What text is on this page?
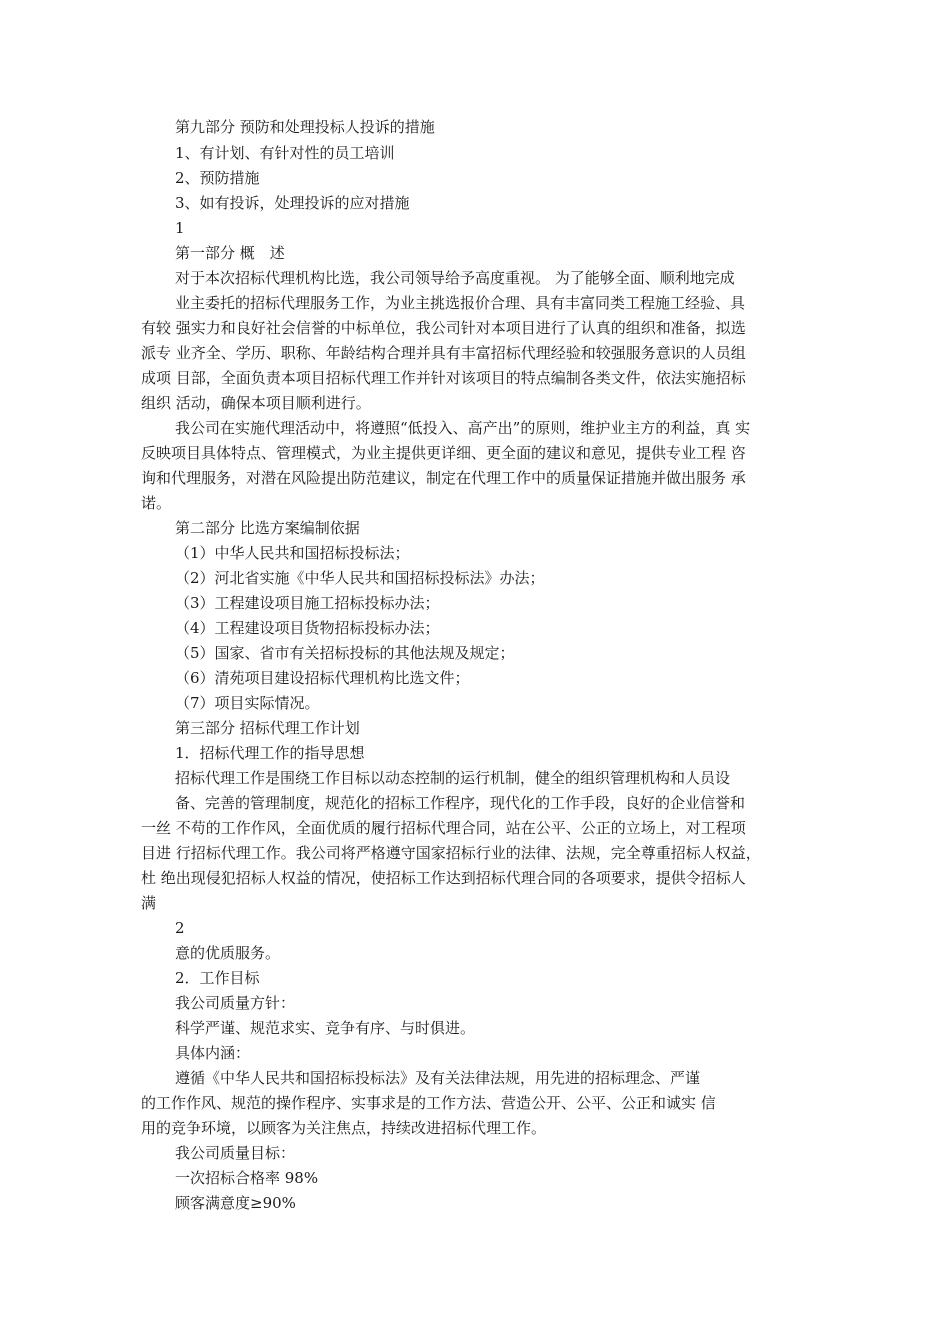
第九部分 预防和处理投标人投诉的措施
1、有计划、有针对性的员工培训
2、预防措施
3、如有投诉，处理投诉的应对措施
1
第一部分 概　述
对于本次招标代理机构比选，我公司领导给予高度重视。 为了能够全面、顺利地完成
业主委托的招标代理服务工作，为业主挑选报价合理、具有丰富同类工程施工经验、具
有较 强实力和良好社会信誉的中标单位，我公司针对本项目进行了认真的组织和准备，拟选
派专 业齐全、学历、职称、年龄结构合理并具有丰富招标代理经验和较强服务意识的人员组
成项 目部，全面负责本项目招标代理工作并针对该项目的特点编制各类文件，依法实施招标
组织 活动，确保本项目顺利进行。
我公司在实施代理活动中，将遵照“低投入、高产出”的原则，维护业主方的利益，真 实
反映项目具体特点、管理模式，为业主提供更详细、更全面的建议和意见，提供专业工程 咨
询和代理服务，对潜在风险提出防范建议，制定在代理工作中的质量保证措施并做出服务 承
诺。
第二部分 比选方案编制依据
（1）中华人民共和国招标投标法；
（2）河北省实施《中华人民共和国招标投标法》办法；
（3）工程建设项目施工招标投标办法；
（4）工程建设项目货物招标投标办法；
（5）国家、省市有关招标投标的其他法规及规定；
（6）清苑项目建设招标代理机构比选文件；
（7）项目实际情况。
第三部分 招标代理工作计划
1．招标代理工作的指导思想
招标代理工作是围绕工作目标以动态控制的运行机制，健全的组织管理机构和人员设
备、完善的管理制度，规范化的招标工作程序，现代化的工作手段，良好的企业信誉和
一丝 不苟的工作作风，全面优质的履行招标代理合同，站在公平、公正的立场上，对工程项
目进 行招标代理工作。我公司将严格遵守国家招标行业的法律、法规，完全尊重招标人权益，
杜 绝出现侵犯招标人权益的情况，使招标工作达到招标代理合同的各项要求，提供令招标人
满
2
意的优质服务。
2．工作目标
我公司质量方针：
科学严谨、规范求实、竞争有序、与时俱进。
具体内涵：
遵循《中华人民共和国招标投标法》及有关法律法规，用先进的招标理念、严谨
的工作作风、规范的操作程序、实事求是的工作方法、营造公开、公平、公正和诚实 信
用的竞争环境，以顾客为关注焦点，持续改进招标代理工作。
我公司质量目标：
一次招标合格率 98%
顾客满意度≥90%
